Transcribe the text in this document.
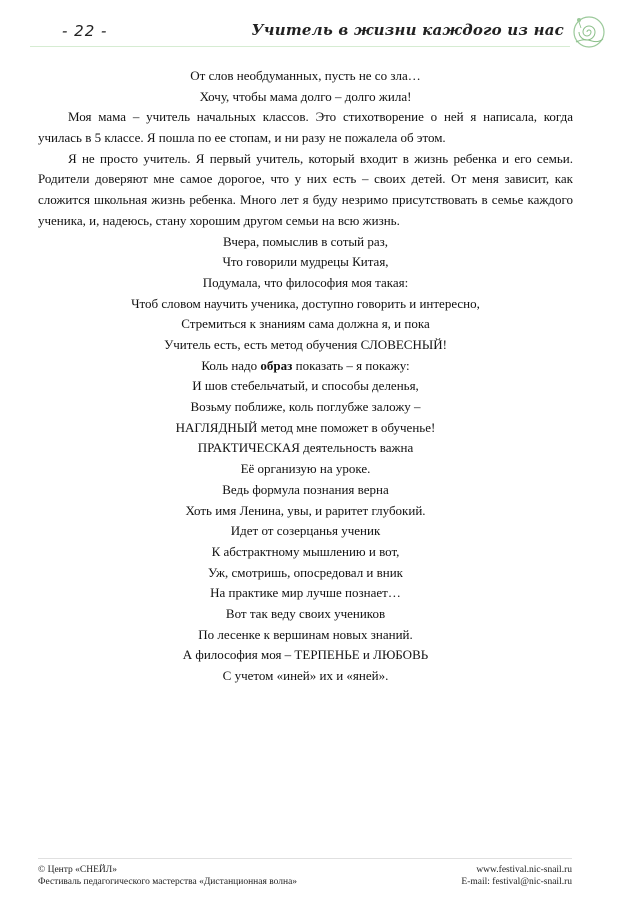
- 22 -	Учитель в жизни каждого из нас
От слов необдуманных, пусть не со зла…
Хочу, чтобы мама долго – долго жила!

Моя мама – учитель начальных классов. Это стихотворение о ней я написала, когда училась в 5 классе. Я пошла по ее стопам, и ни разу не пожалела об этом.

Я не просто учитель. Я первый учитель, который входит в жизнь ребенка и его семьи. Родители доверяют мне самое дорогое, что у них есть – своих детей. От меня зависит, как сложится школьная жизнь ребенка. Много лет я буду незримо присутствовать в семье каждого ученика, и, надеюсь, стану хорошим другом семьи на всю жизнь.

Вчера, помыслив в сотый раз,
Что говорили мудрецы Китая,
Подумала, что философия моя такая:
Чтоб словом научить ученика, доступно говорить и интересно,
Стремиться к знаниям сама должна я, и пока
Учитель есть, есть метод обучения СЛОВЕСНЫЙ!
Коль надо образ показать – я покажу:
И шов стебельчатый, и способы деленья,
Возьму поближе, коль поглубже заложу –
НАГЛЯДНЫЙ метод мне поможет в обученье!
ПРАКТИЧЕСКАЯ деятельность важна
Её организую на уроке.
Ведь формула познания верна
Хоть имя Ленина, увы, и раритет глубокий.
Идет от созерцанья ученик
К абстрактному мышлению и вот,
Уж, смотришь, опосредовал и вник
На практике мир лучше познает…
Вот так веду своих учеников
По лесенке к вершинам новых знаний.
А философия моя – ТЕРПЕНЬЕ и ЛЮБОВЬ
С учетом «иней» их и «яней».
© Центр «СНЕЙЛ»
Фестиваль педагогического мастерства «Дистанционная волна»
www.festival.nic-snail.ru
E-mail: festival@nic-snail.ru
